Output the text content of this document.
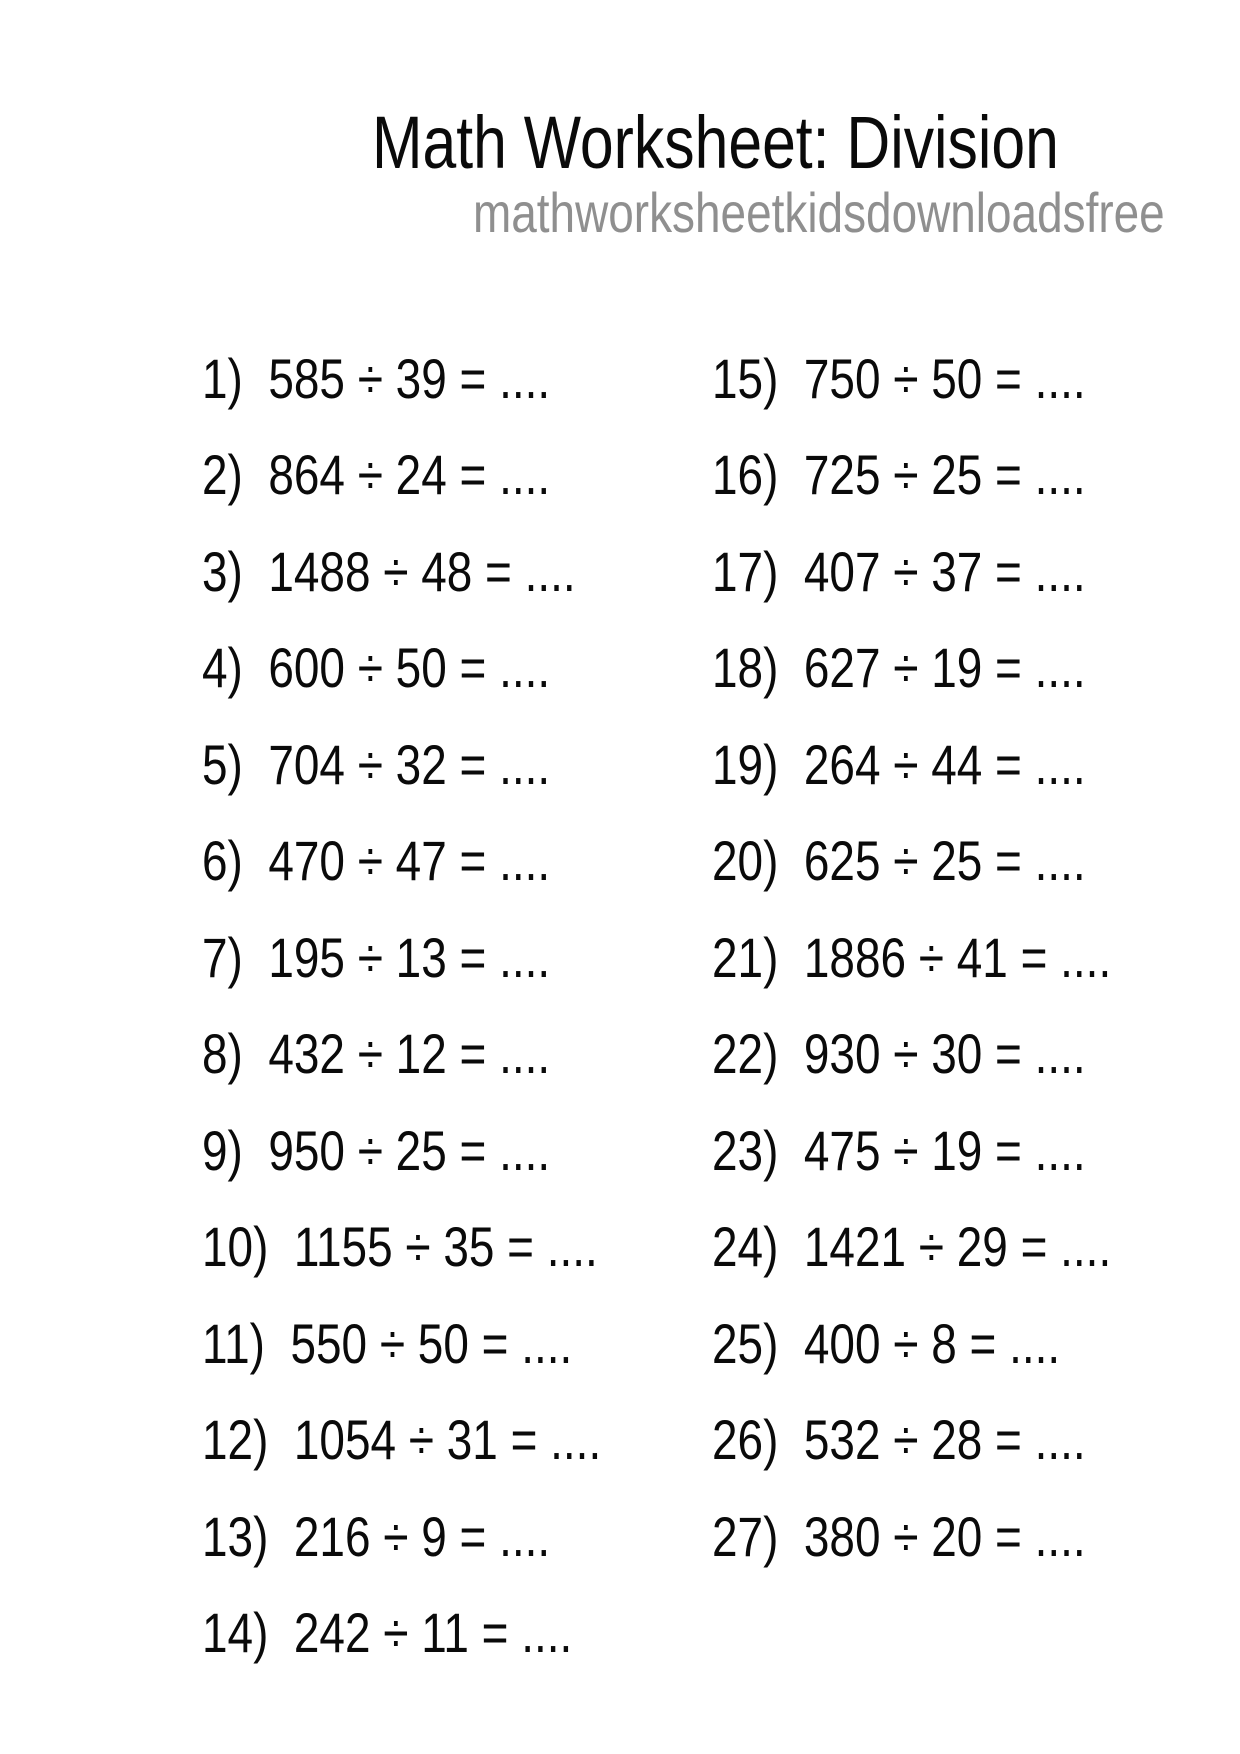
Math Worksheet: Division
mathworksheetkidsdownloadsfree
1)  585 ÷ 39 = ....
2)  864 ÷ 24 = ....
3)  1488 ÷ 48 = ....
4)  600 ÷ 50 = ....
5)  704 ÷ 32 = ....
6)  470 ÷ 47 = ....
7)  195 ÷ 13 = ....
8)  432 ÷ 12 = ....
9)  950 ÷ 25 = ....
10)  1155 ÷ 35 = ....
11)  550 ÷ 50 = ....
12)  1054 ÷ 31 = ....
13)  216 ÷ 9 = ....
14)  242 ÷ 11 = ....
15)  750 ÷ 50 = ....
16)  725 ÷ 25 = ....
17)  407 ÷ 37 = ....
18)  627 ÷ 19 = ....
19)  264 ÷ 44 = ....
20)  625 ÷ 25 = ....
21)  1886 ÷ 41 = ....
22)  930 ÷ 30 = ....
23)  475 ÷ 19 = ....
24)  1421 ÷ 29 = ....
25)  400 ÷ 8 = ....
26)  532 ÷ 28 = ....
27)  380 ÷ 20 = ....
